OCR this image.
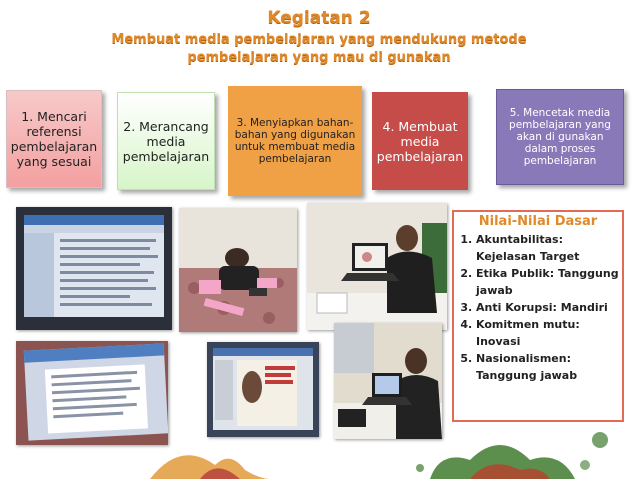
Kegiatan 2
Membuat media pembelajaran yang mendukung metode
pembelajaran yang mau di gunakan
1. Mencari referensi pembelajaran yang sesuai
2. Merancang media pembelajaran
3. Menyiapkan bahan-bahan yang digunakan untuk membuat media pembelajaran
4. Membuat media pembelajaran
5. Mencetak media pembelajaran yang akan di gunakan dalam proses pembelajaran
Nilai-Nilai Dasar
1. Akuntabilitas: Kejelasan Target
2. Etika Publik: Tanggung jawab
3. Anti Korupsi: Mandiri
4. Komitmen mutu: Inovasi
5. Nasionalismen: Tanggung jawab
